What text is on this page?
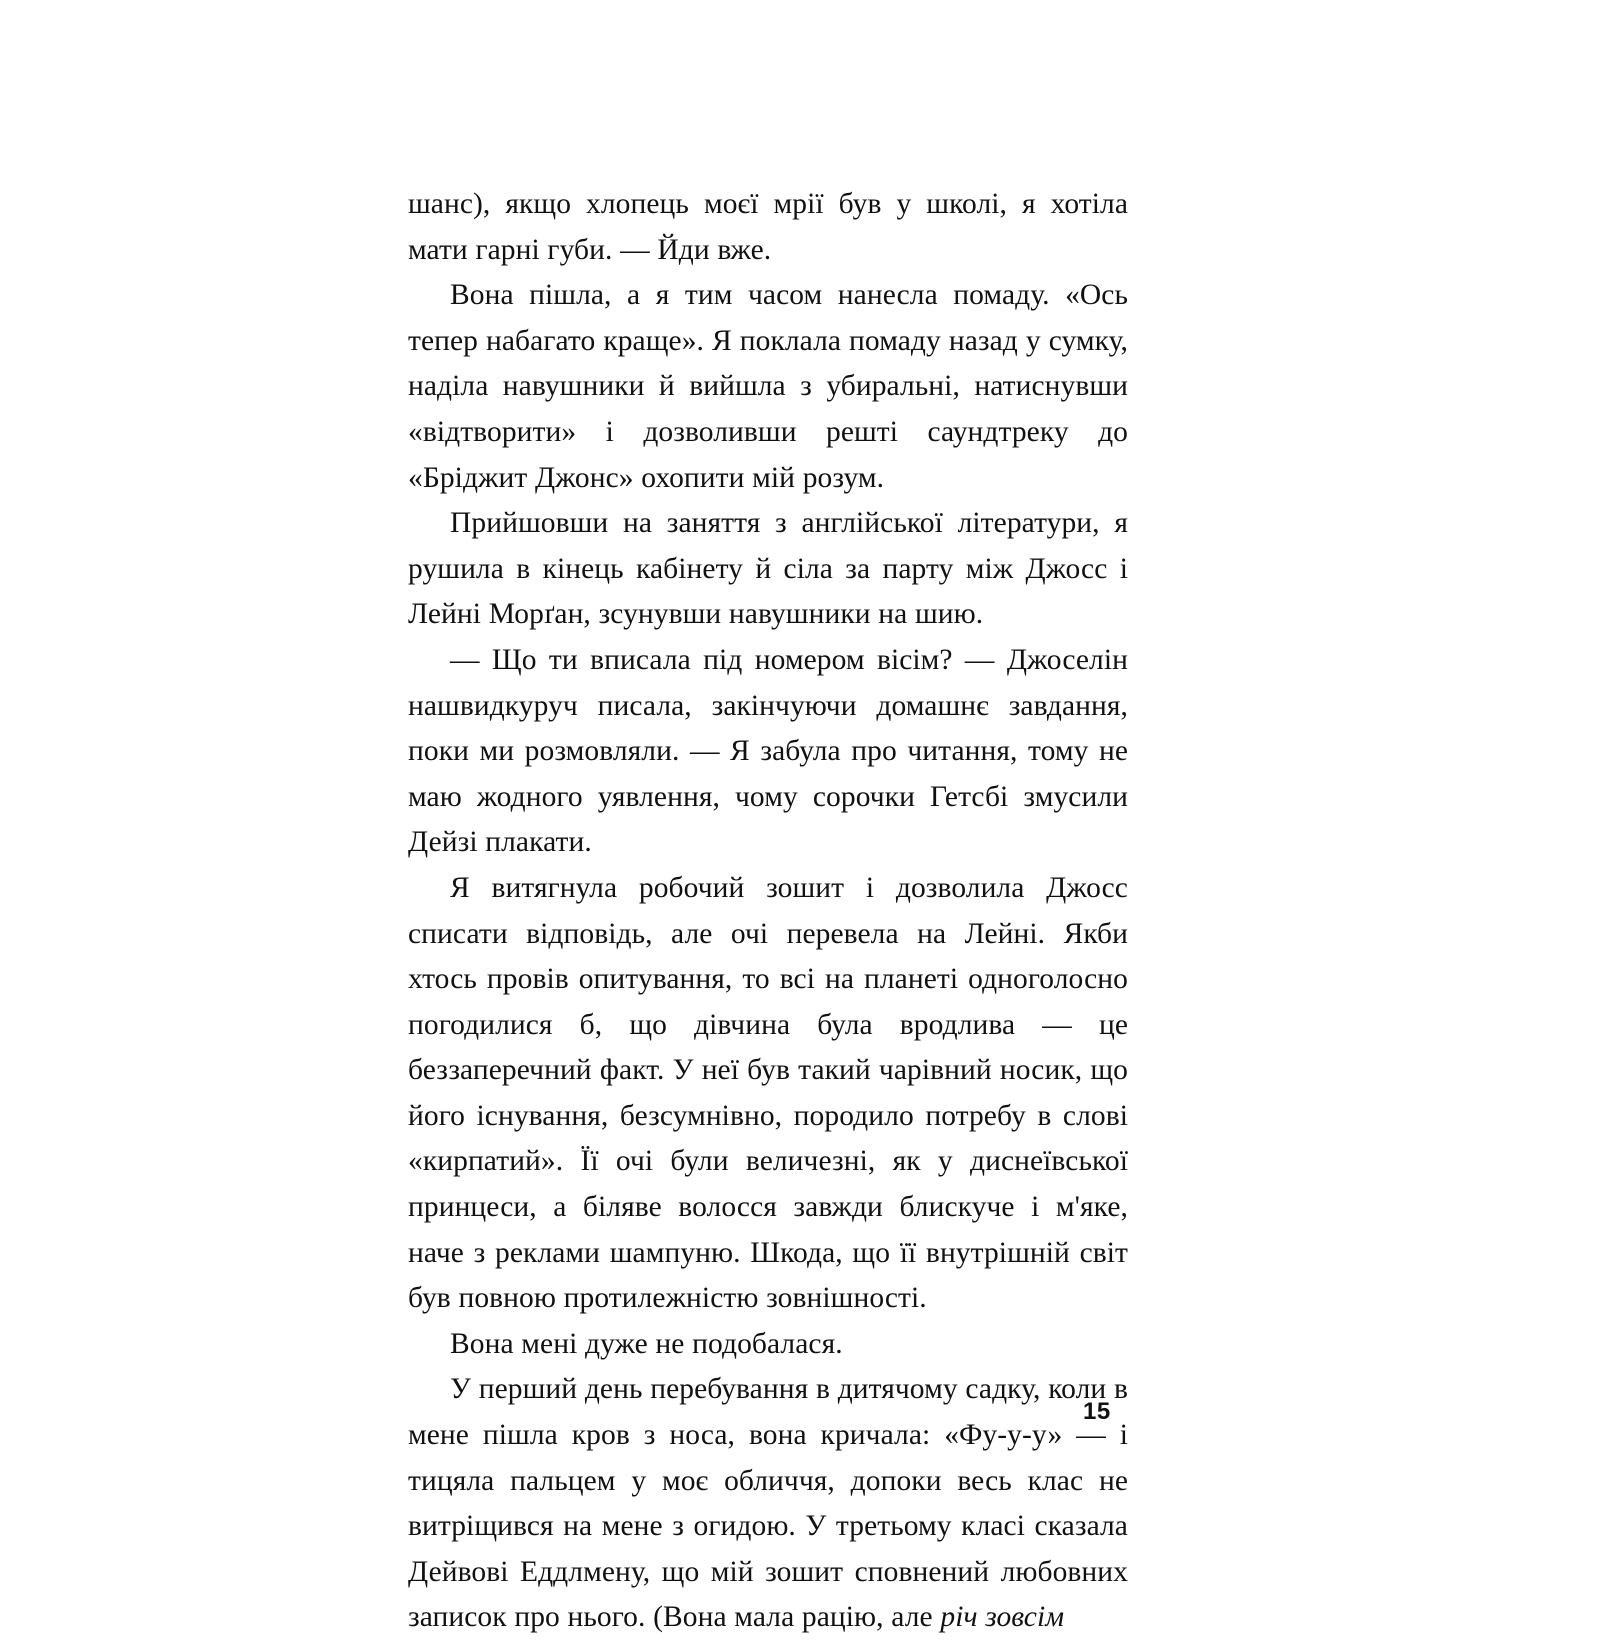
шанс), якщо хлопець моєї мрії був у школі, я хотіла мати гарні губи. — Йди вже.

Вона пішла, а я тим часом нанесла помаду. «Ось тепер набагато краще». Я поклала помаду назад у сумку, наділа навушники й вийшла з убиральні, натиснувши «відтворити» і дозволивши решті саундтреку до «Бріджит Джонс» охопити мій розум.

Прийшовши на заняття з англійської літератури, я рушила в кінець кабінету й сіла за парту між Джосс і Лейні Морґан, зсунувши навушники на шию.

— Що ти вписала під номером вісім? — Джоселін нашвидкуруч писала, закінчуючи домашнє завдання, поки ми розмовляли. — Я забула про читання, тому не маю жодного уявлення, чому сорочки Гетсбі змусили Дейзі плакати.

Я витягнула робочий зошит і дозволила Джосс списати відповідь, але очі перевела на Лейні. Якби хтось провів опитування, то всі на планеті одноголосно погодилися б, що дівчина була вродлива — це беззаперечний факт. У неї був такий чарівний носик, що його існування, безсумнівно, породило потребу в слові «кирпатий». Її очі були величезні, як у диснеївської принцеси, а біляве волосся завжди блискуче і м'яке, наче з реклами шампуню. Шкода, що її внутрішній світ був повною протилежністю зовнішності.

Вона мені дуже не подобалася.

У перший день перебування в дитячому садку, коли в мене пішла кров з носа, вона кричала: «Фу-у-у» — і тицяла пальцем у моє обличчя, допоки весь клас не витріщився на мене з огидою. У третьому класі сказала Дейвові Еддлмену, що мій зошит сповнений любовних записок про нього. (Вона мала рацію, але річ зовсім

15
